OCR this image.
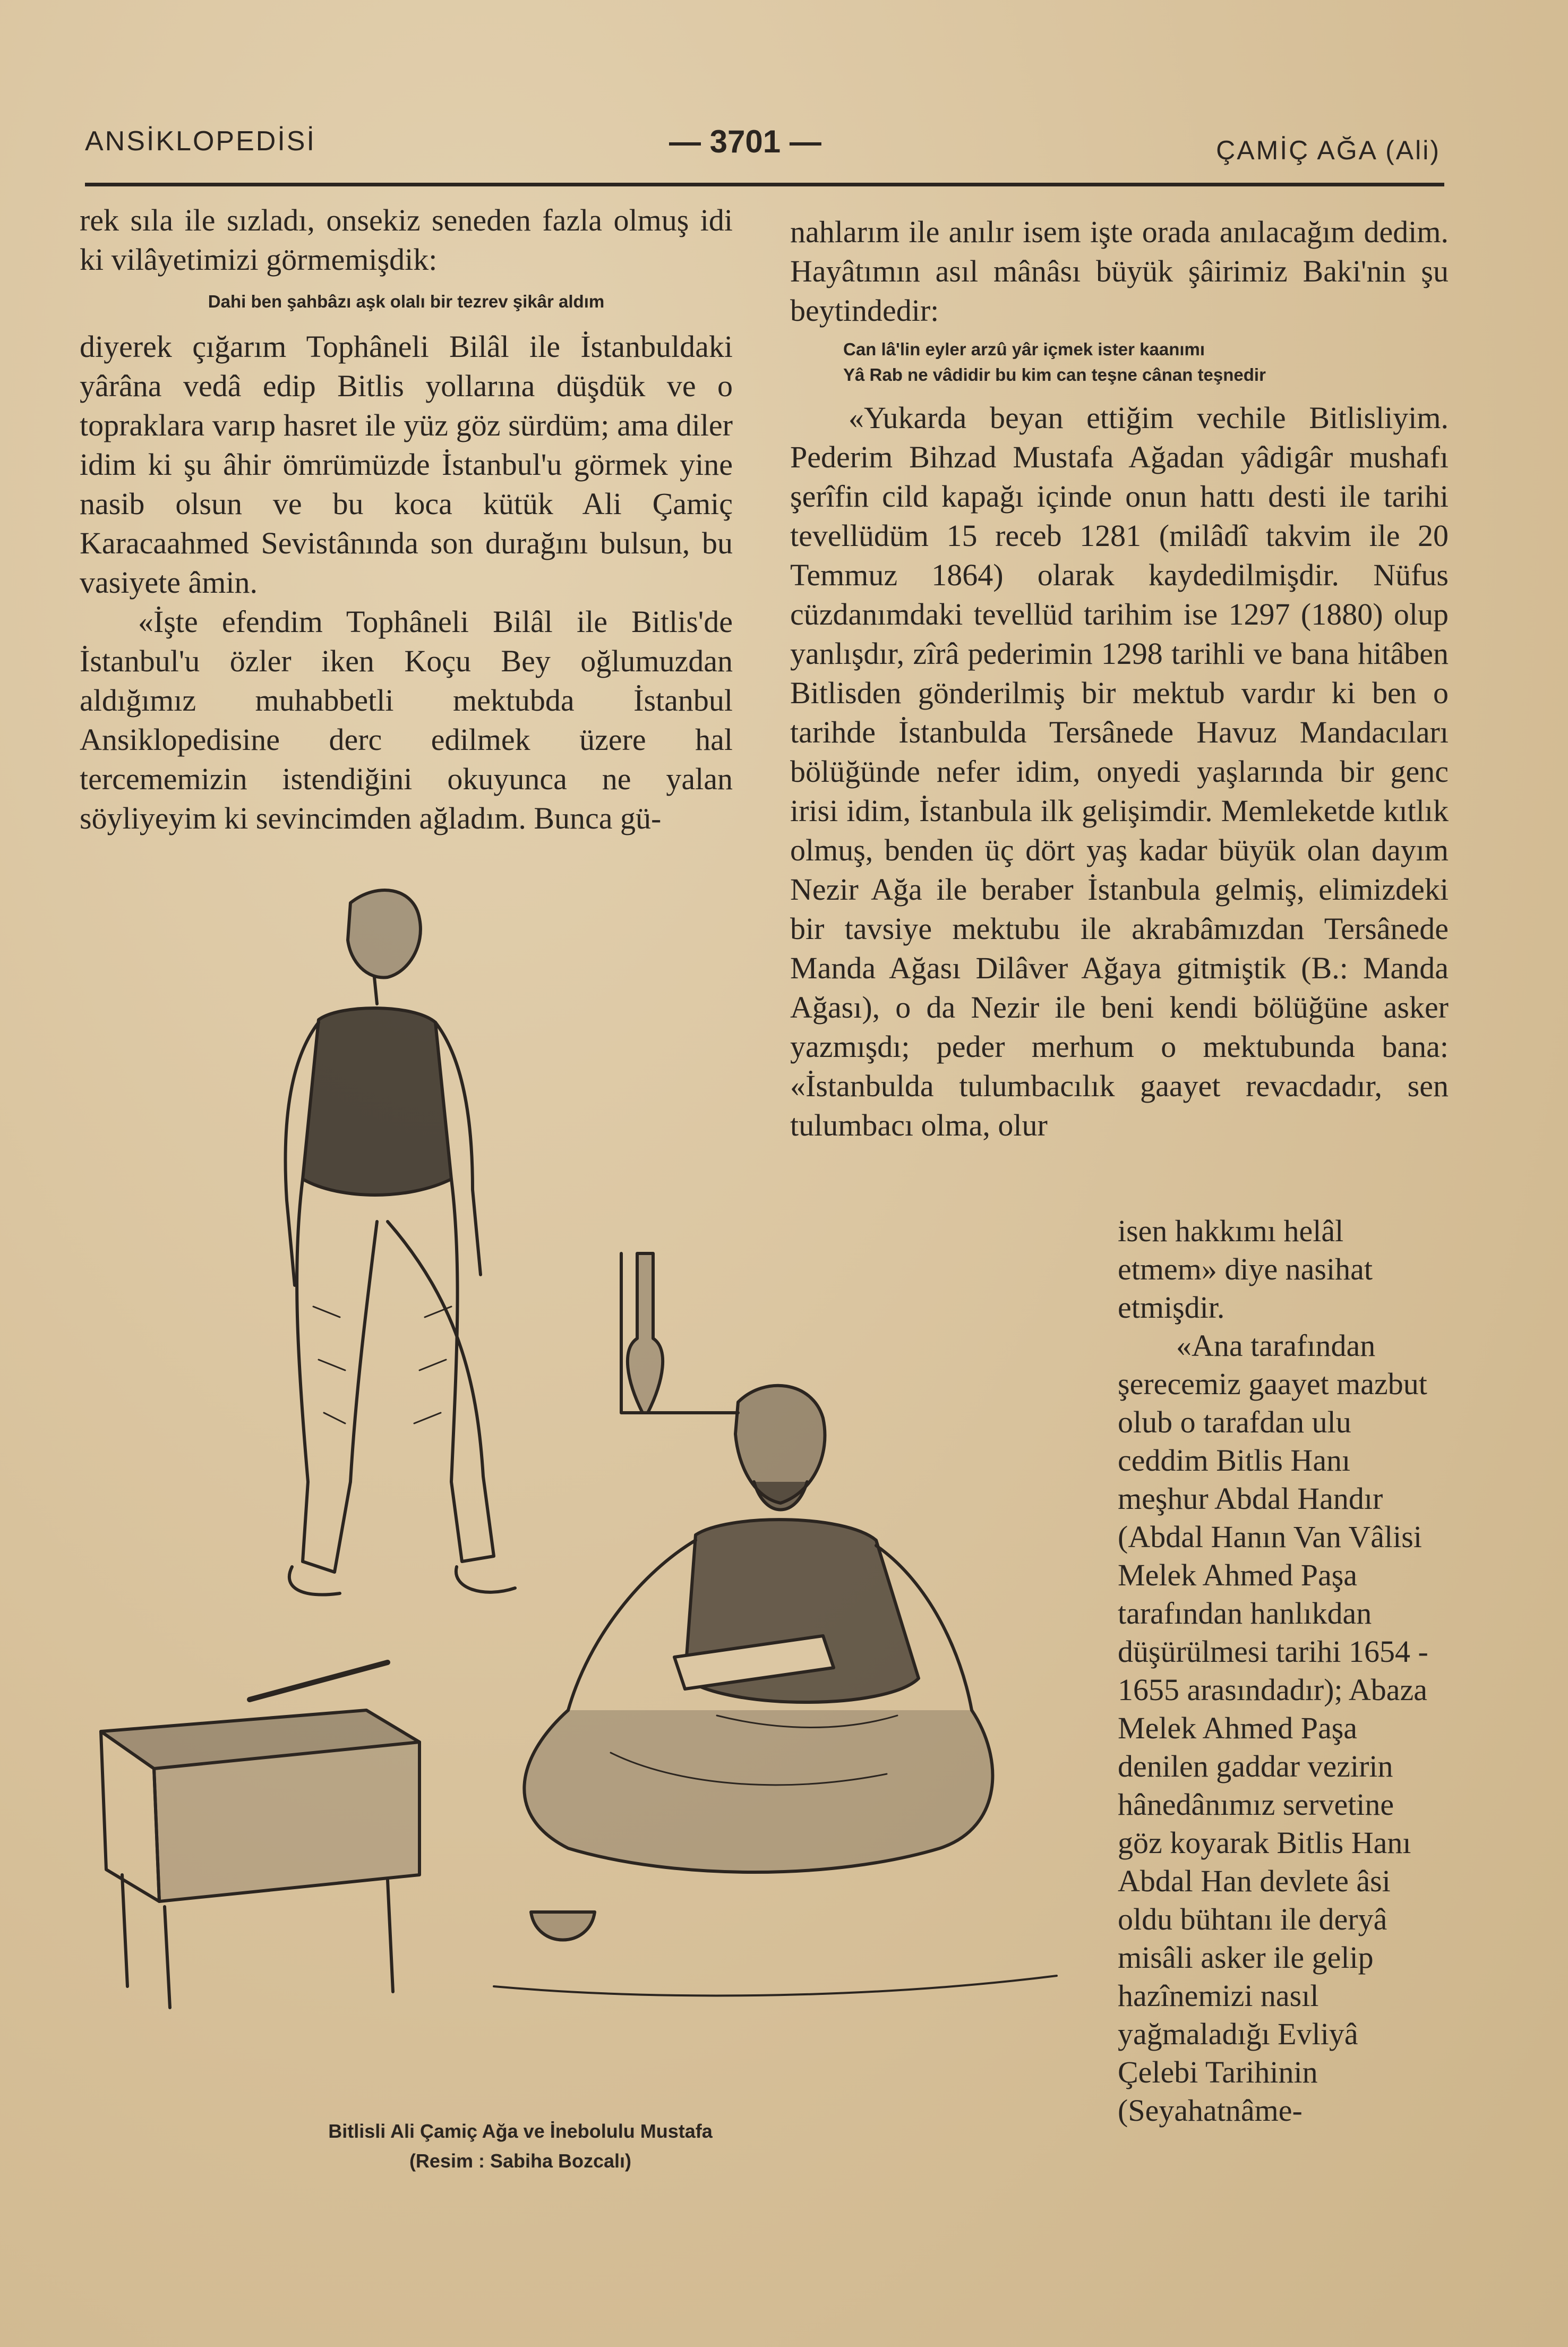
ANSİKLOPEDİSİ	— 3701 —	ÇAMİÇ AĞA (Ali)

rek sıla ile sızladı, onsekiz seneden fazla olmuş idi ki vilâyetimizi görmemişdik:

Dahi ben şahbâzı aşk olalı bir tezrev şikâr aldım

diyerek çığarım Tophâneli Bilâl ile İstanbuldaki yârâna vedâ edip Bitlis yollarına düşdük ve o topraklara varıp hasret ile yüz göz sürdüm; ama diler idim ki şu âhir ömrümüzde İstanbul'u görmek yine nasib olsun ve bu koca kütük Ali Çamiç Karacaahmed Sevistânında son durağını bulsun, bu vasiyete âmin.

«İşte efendim Tophâneli Bilâl ile Bitlis'de İstanbul'u özler iken Koçu Bey oğlumuzdan aldığımız muhabbetli mektubda İstanbul Ansiklopedisine derc edilmek üzere hal tercememizin istendiğini okuyunca ne yalan söyliyeyim ki sevincimden ağladım. Bunca gü-

nahlarım ile anılır isem işte orada anılacağım dedim. Hayâtımın asıl mânâsı büyük şâirimiz Baki'nin şu beytindedir:

Can lâ'lin eyler arzû yâr içmek ister kaanımı
Yâ Rab ne vâdidir bu kim can teşne cânan teşnedir

«Yukarda beyan ettiğim vechile Bitlisliyim. Pederim Bihzad Mustafa Ağadan yâdigâr mushafı şerîfin cild kapağı içinde onun hattı desti ile tarihi tevellüdüm 15 receb 1281 (milâdî takvim ile 20 Temmuz 1864) olarak kaydedilmişdir. Nüfus cüzdanımdaki tevellüd tarihim ise 1297 (1880) olup yanlışdır, zîrâ pederimin 1298 tarihli ve bana hitâben Bitlisden gönderilmiş bir mektub vardır ki ben o tarihde İstanbulda Tersânede Havuz Mandacıları bölüğünde nefer idim, onyedi yaşlarında bir genc irisi idim, İstanbula ilk gelişimdir. Memleketde kıtlık olmuş, benden üç dört yaş kadar büyük olan dayım Nezir Ağa ile beraber İstanbula gelmiş, elimizdeki bir tavsiye mektubu ile akrabâmızdan Tersânede Manda Ağası Dilâver Ağaya gitmiştik (B.: Manda Ağası), o da Nezir ile beni kendi bölüğüne asker yazmışdı; peder merhum o mektubunda bana: «İstanbulda tulumbacılık gaayet revacdadır, sen tulumbacı olma, olur

isen hakkımı helâl etmem» diye nasihat etmişdir.

«Ana tarafından şerecemiz gaayet mazbut olub o tarafdan ulu ceddim Bitlis Hanı meşhur Abdal Handır (Abdal Hanın Van Vâlisi Melek Ahmed Paşa tarafından hanlıkdan düşürülmesi tarihi 1654 - 1655 arasındadır); Abaza Melek Ahmed Paşa denilen gaddar vezirin hânedânımız servetine göz koyarak Bitlis Hanı Abdal Han devlete âsi oldu bühtanı ile deryâ misâli asker ile gelip hazînemizi nasıl yağmaladığı Evliyâ Çelebi Tarihinin (Seyahatnâme-

Bitlisli Ali Çamiç Ağa ve İnebolulu Mustafa
(Resim : Sabiha Bozcalı)
